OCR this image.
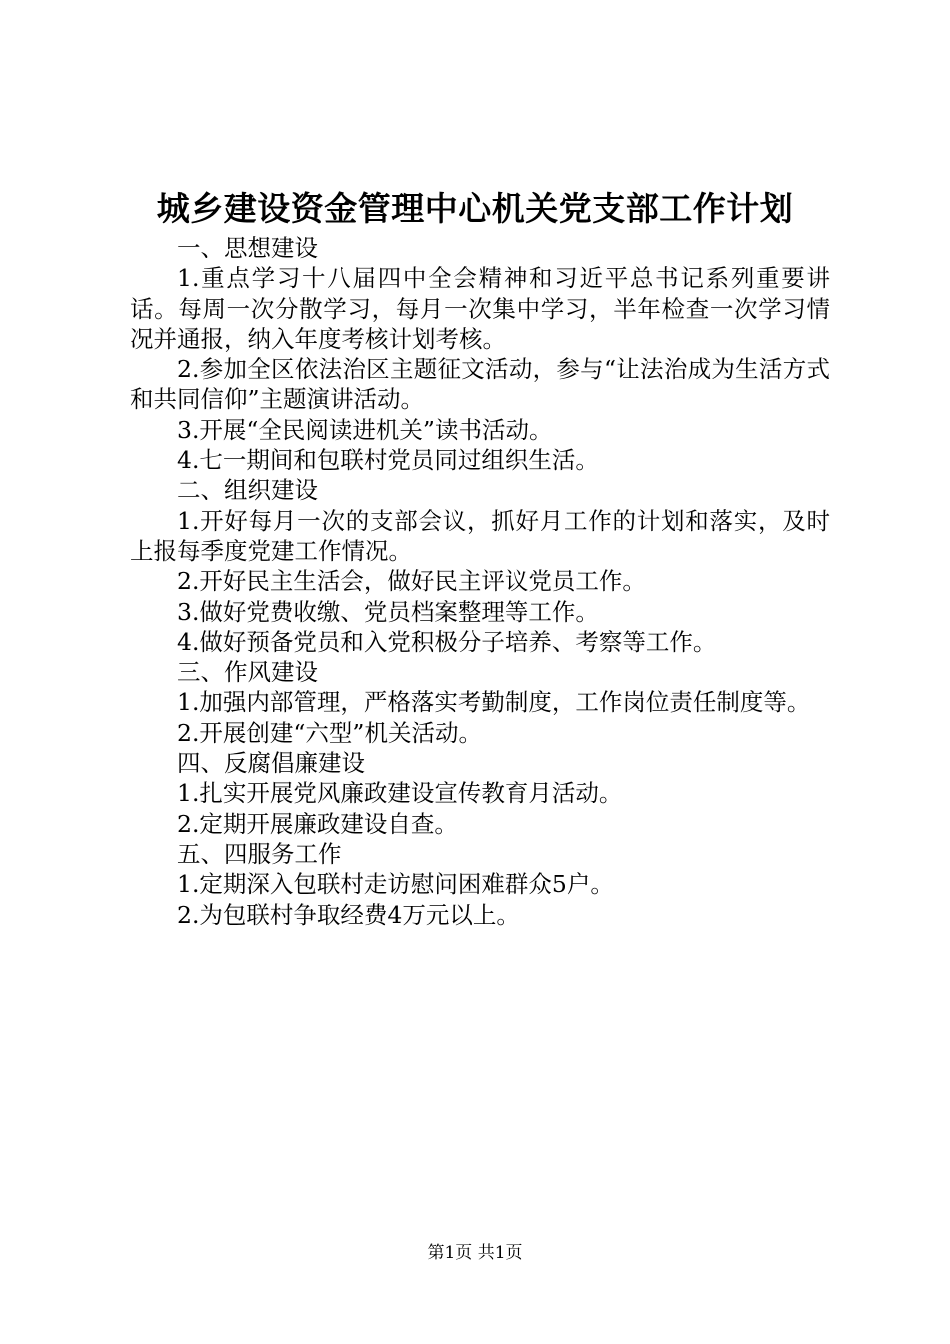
城乡建设资金管理中心机关党支部工作计划

一、思想建设

1.重点学习十八届四中全会精神和习近平总书记系列重要讲话。每周一次分散学习，每月一次集中学习，半年检查一次学习情况并通报，纳入年度考核计划考核。

2.参加全区依法治区主题征文活动，参与“让法治成为生活方式和共同信仰”主题演讲活动。

3.开展“全民阅读进机关”读书活动。

4.七一期间和包联村党员同过组织生活。

二、组织建设

1.开好每月一次的支部会议，抓好月工作的计划和落实，及时上报每季度党建工作情况。

2.开好民主生活会，做好民主评议党员工作。

3.做好党费收缴、党员档案整理等工作。

4.做好预备党员和入党积极分子培养、考察等工作。

三、作风建设

1.加强内部管理，严格落实考勤制度，工作岗位责任制度等。

2.开展创建“六型”机关活动。

四、反腐倡廉建设

1.扎实开展党风廉政建设宣传教育月活动。

2.定期开展廉政建设自查。

五、四服务工作

1.定期深入包联村走访慰问困难群众5户。

2.为包联村争取经费4万元以上。

第1页 共1页
